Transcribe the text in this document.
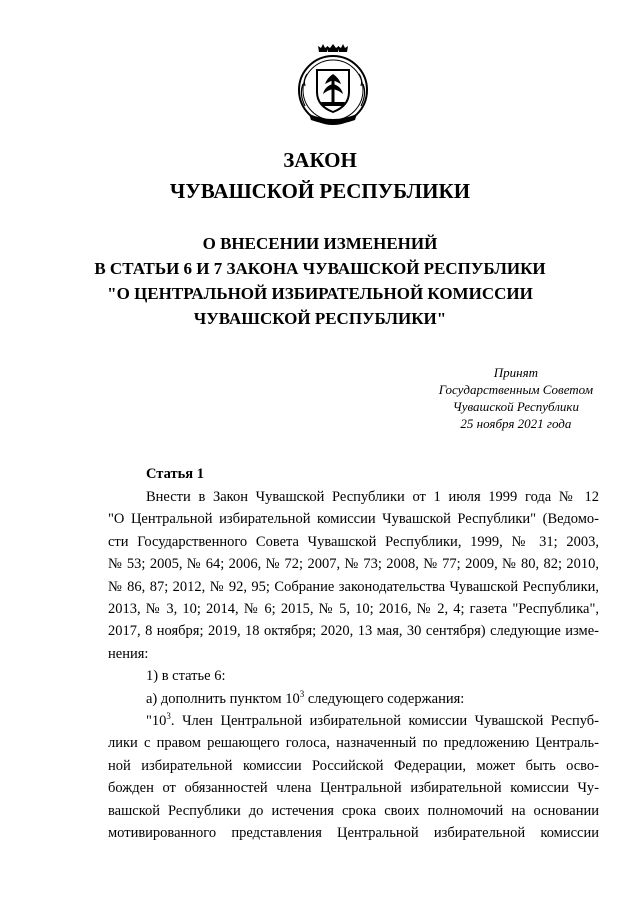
ЗАКОН
ЧУВАШСКОЙ РЕСПУБЛИКИ
О ВНЕСЕНИИ ИЗМЕНЕНИЙ
В СТАТЬИ 6 И 7 ЗАКОНА ЧУВАШСКОЙ РЕСПУБЛИКИ
"О ЦЕНТРАЛЬНОЙ ИЗБИРАТЕЛЬНОЙ КОМИССИИ
ЧУВАШСКОЙ РЕСПУБЛИКИ"
Принят
Государственным Советом
Чувашской Республики
25 ноября 2021 года
Статья 1
Внести в Закон Чувашской Республики от 1 июля 1999 года № 12
"О Центральной избирательной комиссии Чувашской Республики" (Ведомо-
сти Государственного Совета Чувашской Республики, 1999, № 31; 2003,
№ 53; 2005, № 64; 2006, № 72; 2007, № 73; 2008, № 77; 2009, № 80, 82; 2010,
№ 86, 87; 2012, № 92, 95; Собрание законодательства Чувашской Республики,
2013, № 3, 10; 2014, № 6; 2015, № 5, 10; 2016, № 2, 4; газета "Республика",
2017, 8 ноября; 2019, 18 октября; 2020, 13 мая, 30 сентября) следующие изме-
нения:
1) в статье 6:
а) дополнить пунктом $10^3$ следующего содержания:
"$10^3$. Член Центральной избирательной комиссии Чувашской Респуб-
лики с правом решающего голоса, назначенный по предложению Централь-
ной избирательной комиссии Российской Федерации, может быть осво-
божден от обязанностей члена Центральной избирательной комиссии Чу-
вашской Республики до истечения срока своих полномочий на основании
мотивированного представления Центральной избирательной комиссии
